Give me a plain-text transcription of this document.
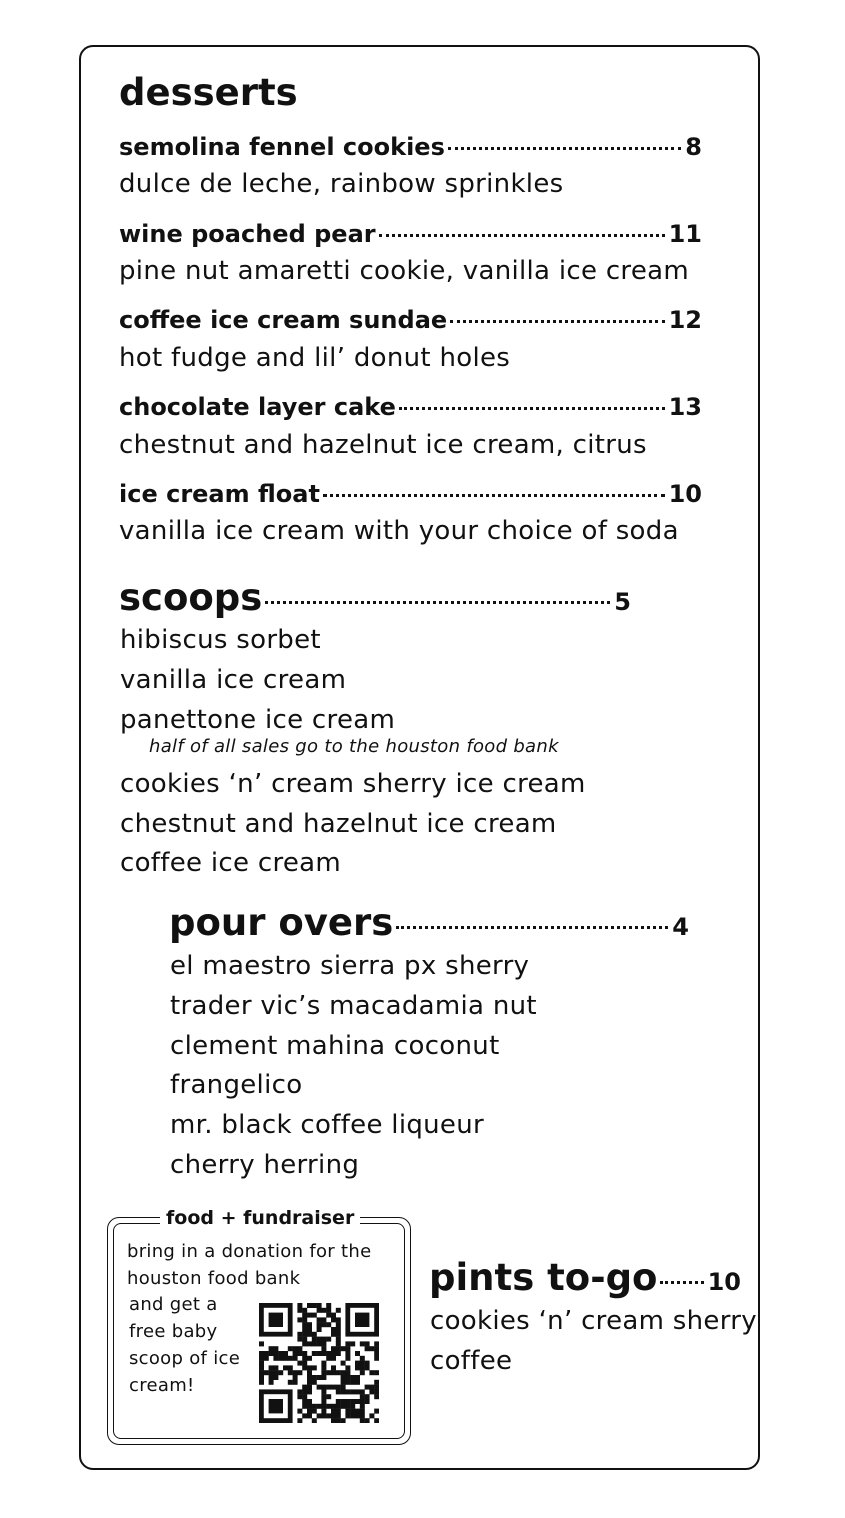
desserts
semolina fennel cookies	8
dulce de leche, rainbow sprinkles
wine poached pear	11
pine nut amaretti cookie, vanilla ice cream
coffee ice cream sundae	12
hot fudge and lil’ donut holes
chocolate layer cake	13
chestnut and hazelnut ice cream, citrus
ice cream float	10
vanilla ice cream with your choice of soda
scoops	5
hibiscus sorbet
vanilla ice cream
panettone ice cream
half of all sales go to the houston food bank
cookies ‘n’ cream sherry ice cream
chestnut and hazelnut ice cream
coffee ice cream
pour overs	4
el maestro sierra px sherry
trader vic’s macadamia nut
clement mahina coconut
frangelico
mr. black coffee liqueur
cherry herring
food + fundraiser
bring in a donation for the
houston food bank
and get a
free baby
scoop of ice
cream!
pints to-go 10
cookies ‘n’ cream sherry
coffee
